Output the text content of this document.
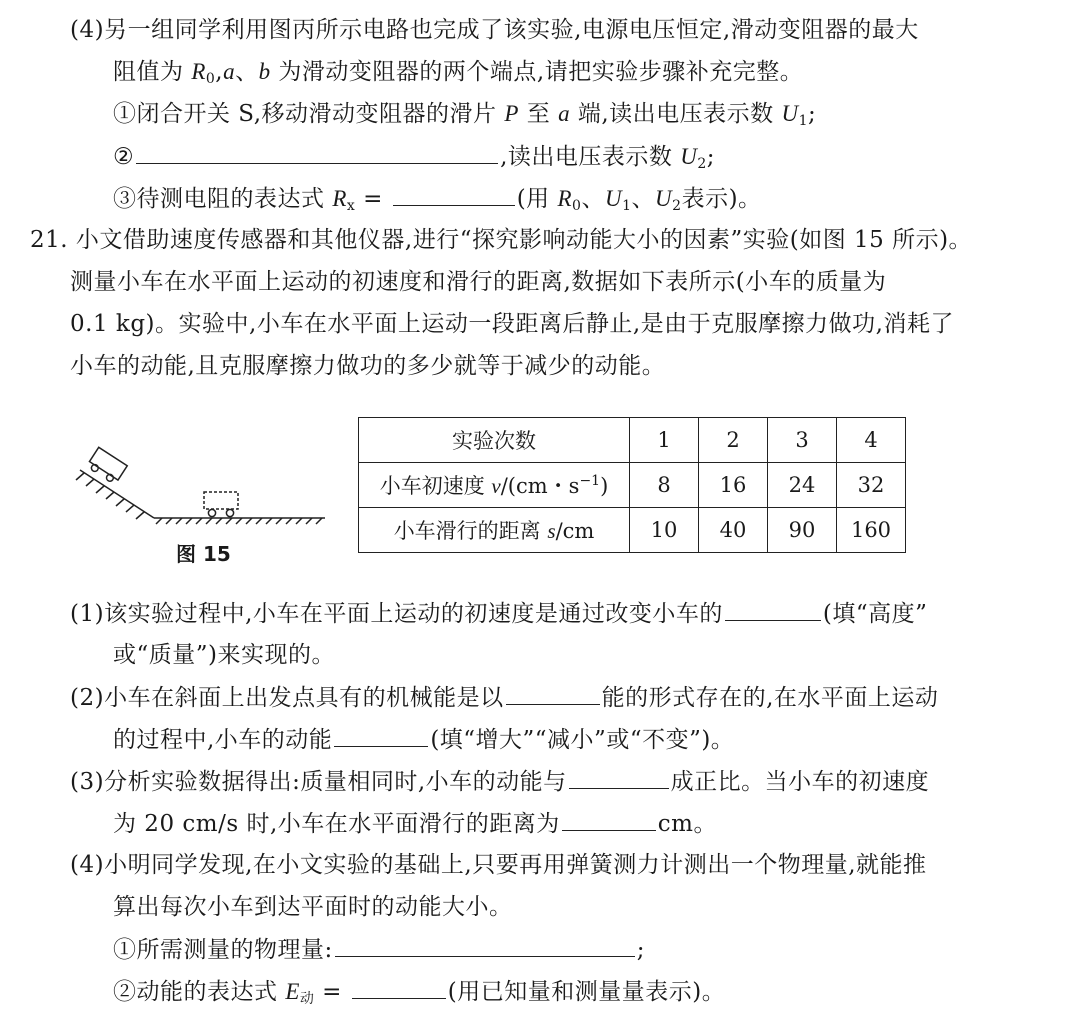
(4)另一组同学利用图丙所示电路也完成了该实验,电源电压恒定,滑动变阻器的最大
阻值为 $R_0,a$、b 为滑动变阻器的两个端点,请把实验步骤补充完整。
①闭合开关 S,移动滑动变阻器的滑片 P 至 a 端,读出电压表示数 $U_1$;
②	,读出电压表示数 $U_2$;
③待测电阻的表达式 $R_x$ =	(用 $R_0$、$U_1$、$U_2$表示)。
21. 小文借助速度传感器和其他仪器,进行“探究影响动能大小的因素”实验(如图 15 所示)。
测量小车在水平面上运动的初速度和滑行的距离,数据如下表所示(小车的质量为
0.1 kg)。实验中,小车在水平面上运动一段距离后静止,是由于克服摩擦力做功,消耗了
小车的动能,且克服摩擦力做功的多少就等于减少的动能。
图 15
实验次数	1	2	3	4
小车初速度 v/(cm・$s^{-1}$)	8	16	24	32
小车滑行的距离 s/cm	10	40	90	160
(1)该实验过程中,小车在平面上运动的初速度是通过改变小车的	(填“高度”
或“质量”)来实现的。
(2)小车在斜面上出发点具有的机械能是以	能的形式存在的,在水平面上运动
的过程中,小车的动能	(填“增大”“减小”或“不变”)。
(3)分析实验数据得出:质量相同时,小车的动能与	成正比。当小车的初速度
为 20 cm/s 时,小车在水平面滑行的距离为	cm。
(4)小明同学发现,在小文实验的基础上,只要再用弹簧测力计测出一个物理量,就能推
算出每次小车到达平面时的动能大小。
①所需测量的物理量:	;
②动能的表达式 $E_动$ =	(用已知量和测量量表示)。
